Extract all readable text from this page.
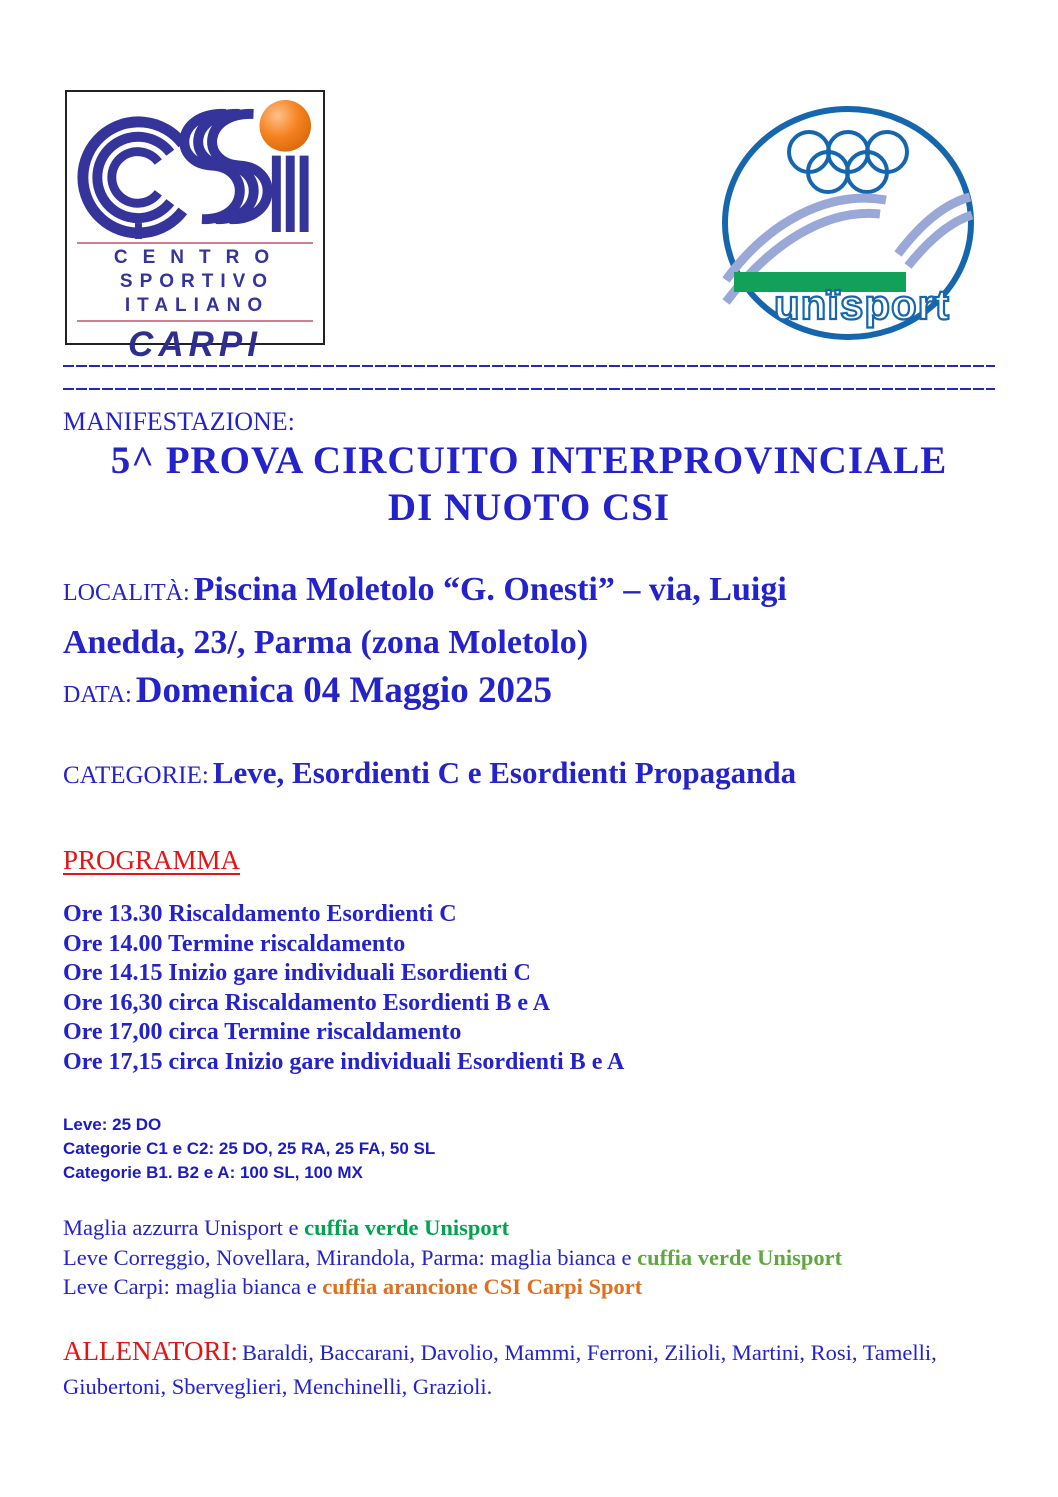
CENTRO
SPORTIVO
ITALIANO
CARPI
unïsport

MANIFESTAZIONE:

5^ PROVA CIRCUITO INTERPROVINCIALE

DI NUOTO CSI

LOCALITÀ: Piscina Moletolo “G. Onesti” – via, Luigi

Anedda, 23/, Parma (zona Moletolo)

DATA: Domenica 04 Maggio 2025

CATEGORIE: Leve, Esordienti C e Esordienti Propaganda

PROGRAMMA

Ore 13.30 Riscaldamento Esordienti C

Ore 14.00 Termine riscaldamento

Ore 14.15 Inizio gare individuali Esordienti C

Ore 16,30 circa Riscaldamento Esordienti B e A

Ore 17,00 circa Termine riscaldamento

Ore 17,15 circa Inizio gare individuali Esordienti B e A

Leve: 25 DO

Categorie C1 e C2: 25 DO, 25 RA, 25 FA, 50 SL

Categorie B1. B2 e A: 100 SL, 100 MX

Maglia azzurra Unisport e cuffia verde Unisport

Leve Correggio, Novellara, Mirandola, Parma: maglia bianca e cuffia verde Unisport

Leve Carpi: maglia bianca e cuffia arancione CSI Carpi Sport

ALLENATORI: Baraldi, Baccarani, Davolio, Mammi, Ferroni, Zilioli, Martini, Rosi, Tamelli, Giubertoni, Sberveglieri, Menchinelli, Grazioli.
